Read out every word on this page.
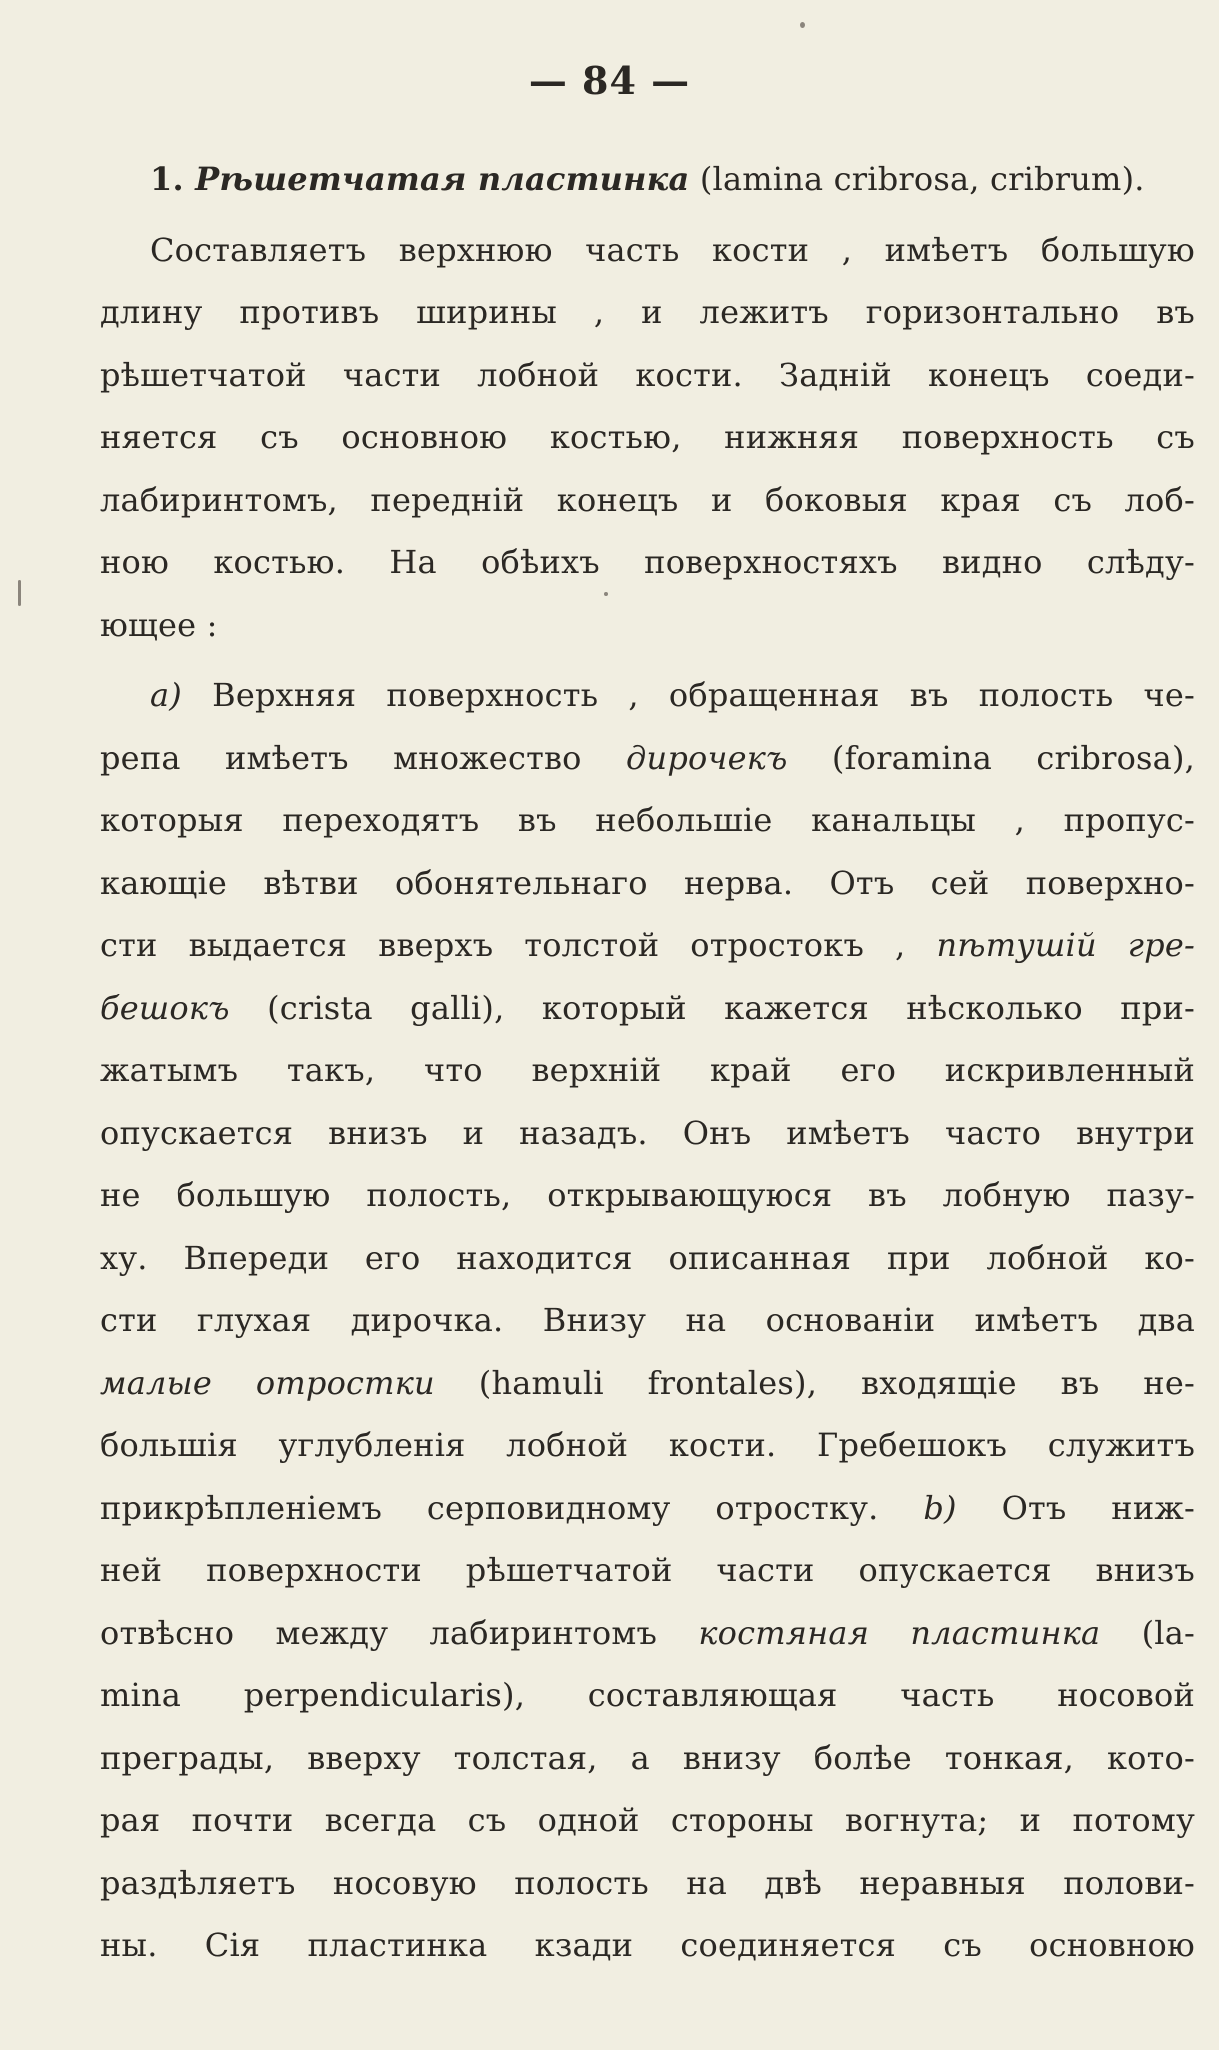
— 84 —
1. Рѣшетчатая пластинка (lamina cribrosa, cribrum).
Составляетъ верхнюю часть кости , имѣетъ большую
длину противъ ширины , и лежитъ горизонтально въ
рѣшетчатой части лобной кости. Задній конецъ соеди-
няется съ основною костью, нижняя поверхность съ
лабиринтомъ, передній конецъ и боковыя края съ лоб-
ною костью. На обѣихъ поверхностяхъ видно слѣду-
ющее :
a) Верхняя поверхность , обращенная въ полость че-
репа имѣетъ множество дирочекъ (foramina cribrosa),
которыя переходятъ въ небольшіе канальцы , пропус-
кающіе вѣтви обонятельнаго нерва. Отъ сей поверхно-
сти выдается вверхъ толстой отростокъ , пѣтушій гре-
бешокъ (crista galli), который кажется нѣсколько при-
жатымъ такъ, что верхній край его искривленный
опускается внизъ и назадъ. Онъ имѣетъ часто внутри
не большую полость, открывающуюся въ лобную пазу-
ху. Впереди его находится описанная при лобной ко-
сти глухая дирочка. Внизу на основаніи имѣетъ два
малые отростки (hamuli frontales), входящіе въ не-
большія углубленія лобной кости. Гребешокъ служитъ
прикрѣпленіемъ серповидному отростку. b) Отъ ниж-
ней поверхности рѣшетчатой части опускается внизъ
отвѣсно между лабиринтомъ костяная пластинка (la-
mina perpendicularis), составляющая часть носовой
преграды, вверху толстая, а внизу болѣе тонкая, кото-
рая почти всегда съ одной стороны вогнута; и потому
раздѣляетъ носовую полость на двѣ неравныя полови-
ны. Сія пластинка кзади соединяется съ основною
